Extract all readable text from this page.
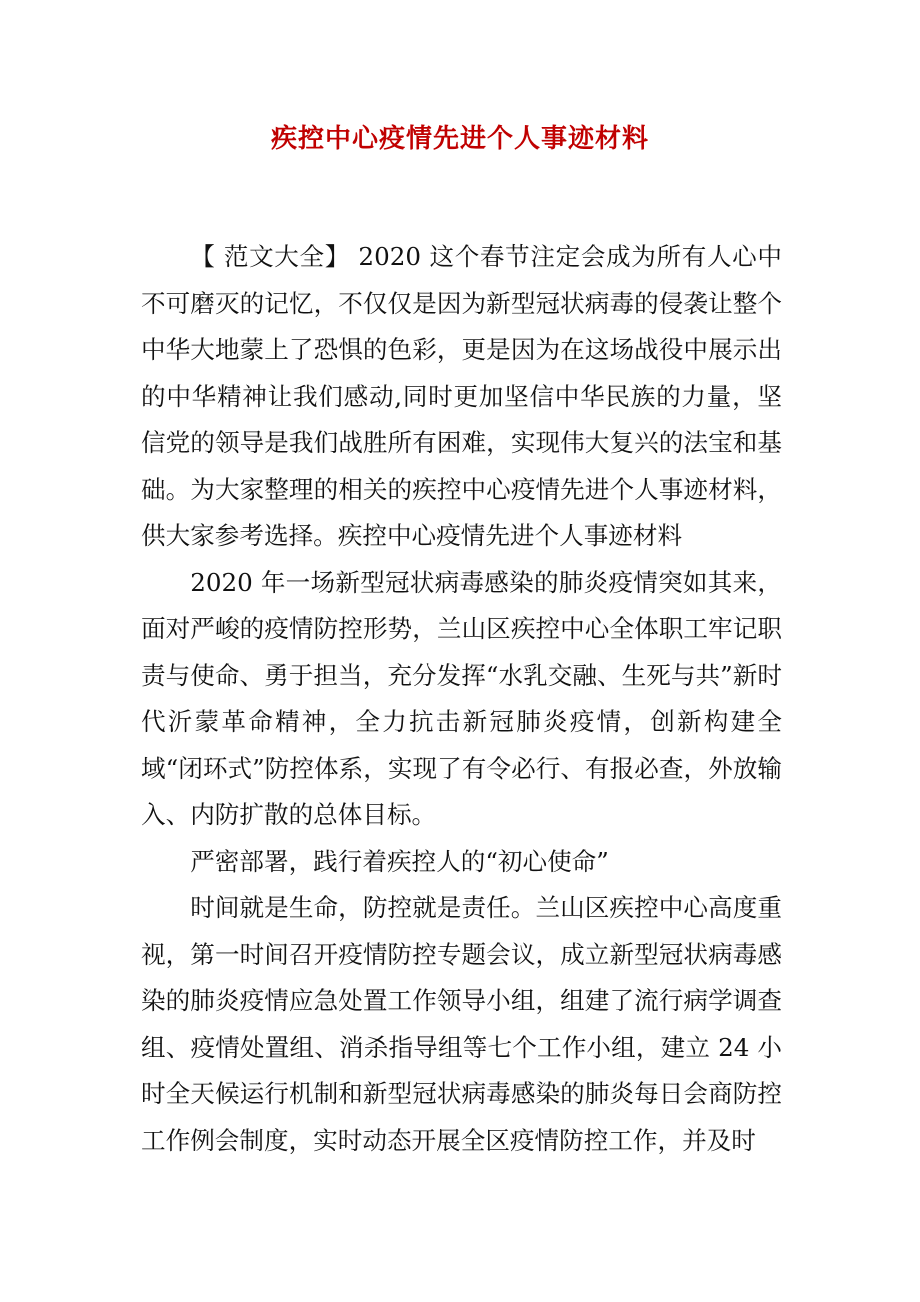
疾控中心疫情先进个人事迹材料

【 范文大全】 2020 这个春节注定会成为所有人心中不可磨灭的记忆，不仅仅是因为新型冠状病毒的侵袭让整个中华大地蒙上了恐惧的色彩，更是因为在这场战役中展示出的中华精神让我们感动,同时更加坚信中华民族的力量，坚信党的领导是我们战胜所有困难，实现伟大复兴的法宝和基础。为大家整理的相关的疾控中心疫情先进个人事迹材料，供大家参考选择。疾控中心疫情先进个人事迹材料

2020 年一场新型冠状病毒感染的肺炎疫情突如其来，面对严峻的疫情防控形势，兰山区疾控中心全体职工牢记职责与使命、勇于担当，充分发挥“水乳交融、生死与共”新时代沂蒙革命精神，全力抗击新冠肺炎疫情，创新构建全域“闭环式”防控体系，实现了有令必行、有报必查，外放输入、内防扩散的总体目标。

严密部署，践行着疾控人的“初心使命”

时间就是生命，防控就是责任。兰山区疾控中心高度重视，第一时间召开疫情防控专题会议，成立新型冠状病毒感染的肺炎疫情应急处置工作领导小组，组建了流行病学调查组、疫情处置组、消杀指导组等七个工作小组，建立 24 小时全天候运行机制和新型冠状病毒感染的肺炎每日会商防控工作例会制度，实时动态开展全区疫情防控工作，并及时
